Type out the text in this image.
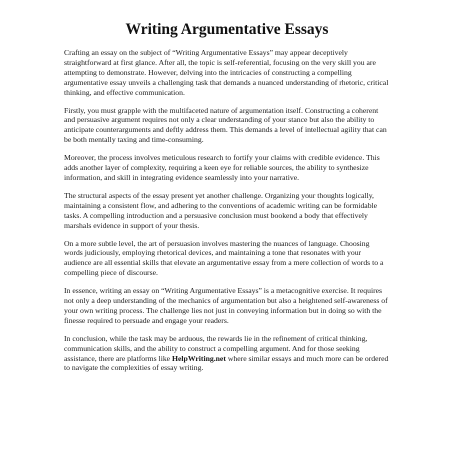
Writing Argumentative Essays

Crafting an essay on the subject of “Writing Argumentative Essays” may appear deceptively straightforward at first glance. After all, the topic is self-referential, focusing on the very skill you are attempting to demonstrate. However, delving into the intricacies of constructing a compelling argumentative essay unveils a challenging task that demands a nuanced understanding of rhetoric, critical thinking, and effective communication.

Firstly, you must grapple with the multifaceted nature of argumentation itself. Constructing a coherent and persuasive argument requires not only a clear understanding of your stance but also the ability to anticipate counterarguments and deftly address them. This demands a level of intellectual agility that can be both mentally taxing and time-consuming.

Moreover, the process involves meticulous research to fortify your claims with credible evidence. This adds another layer of complexity, requiring a keen eye for reliable sources, the ability to synthesize information, and skill in integrating evidence seamlessly into your narrative.

The structural aspects of the essay present yet another challenge. Organizing your thoughts logically, maintaining a consistent flow, and adhering to the conventions of academic writing can be formidable tasks. A compelling introduction and a persuasive conclusion must bookend a body that effectively marshals evidence in support of your thesis.

On a more subtle level, the art of persuasion involves mastering the nuances of language. Choosing words judiciously, employing rhetorical devices, and maintaining a tone that resonates with your audience are all essential skills that elevate an argumentative essay from a mere collection of words to a compelling piece of discourse.

In essence, writing an essay on “Writing Argumentative Essays” is a metacognitive exercise. It requires not only a deep understanding of the mechanics of argumentation but also a heightened self-awareness of your own writing process. The challenge lies not just in conveying information but in doing so with the finesse required to persuade and engage your readers.

In conclusion, while the task may be arduous, the rewards lie in the refinement of critical thinking, communication skills, and the ability to construct a compelling argument. And for those seeking assistance, there are platforms like HelpWriting.net where similar essays and much more can be ordered to navigate the complexities of essay writing.
